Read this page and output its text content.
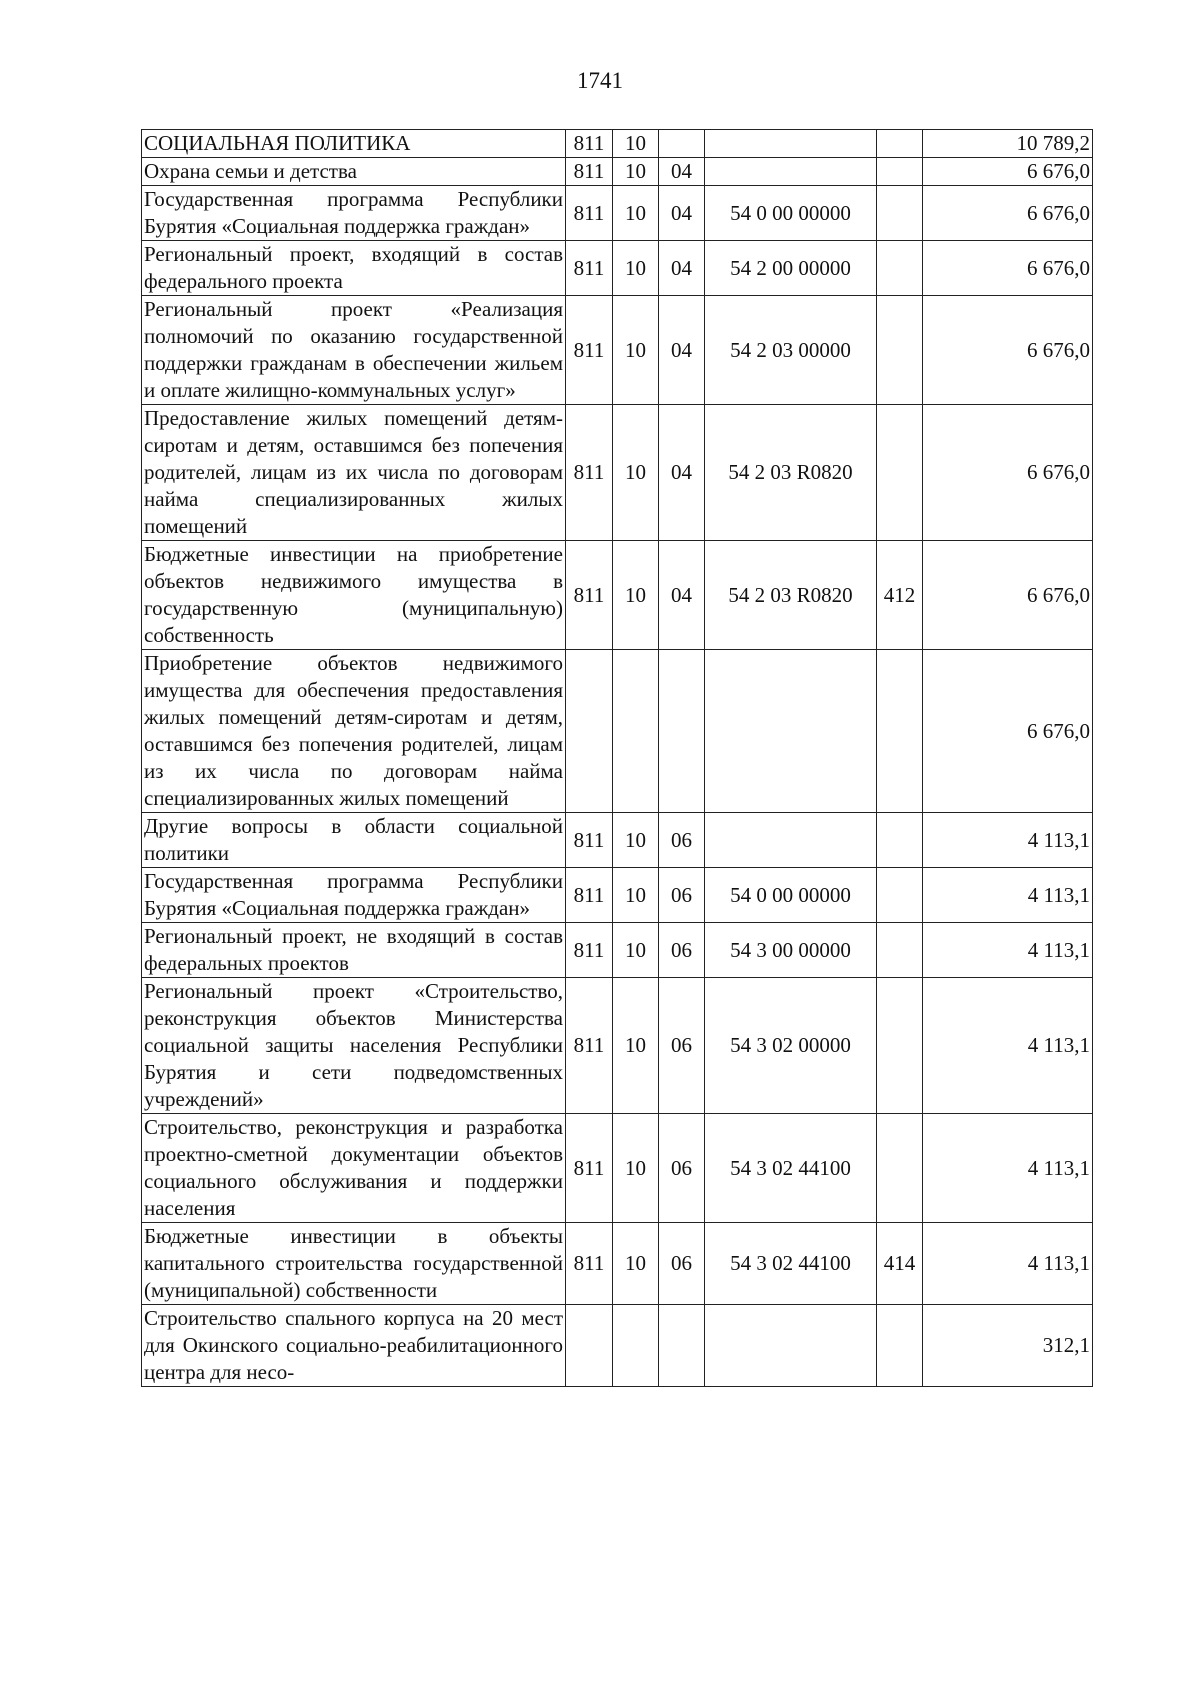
1741
СОЦИАЛЬНАЯ ПОЛИТИКА	811	10				10 789,2
Охрана семьи и детства	811	10	04			6 676,0
Государственная программа Республики Бурятия «Социальная поддержка граждан»	811	10	04	54 0 00 00000		6 676,0
Региональный проект, входящий в состав федерального проекта	811	10	04	54 2 00 00000		6 676,0
Региональный проект «Реализация полномочий по оказанию государственной поддержки гражданам в обеспечении жильем и оплате жилищно-коммунальных услуг»	811	10	04	54 2 03 00000		6 676,0
Предоставление жилых помещений детям-сиротам и детям, оставшимся без попечения родителей, лицам из их числа по договорам найма специализированных жилых помещений	811	10	04	54 2 03 R0820		6 676,0
Бюджетные инвестиции на приобретение объектов недвижимого имущества в государственную (муниципальную) собственность	811	10	04	54 2 03 R0820	412	6 676,0
Приобретение объектов недвижимого имущества для обеспечения предоставления жилых помещений детям-сиротам и детям, оставшимся без попечения родителей, лицам из их числа по договорам найма специализированных жилых помещений						6 676,0
Другие вопросы в области социальной политики	811	10	06			4 113,1
Государственная программа Республики Бурятия «Социальная поддержка граждан»	811	10	06	54 0 00 00000		4 113,1
Региональный проект, не входящий в состав федеральных проектов	811	10	06	54 3 00 00000		4 113,1
Региональный проект «Строительство, реконструкция объектов Министерства социальной защиты населения Республики Бурятия и сети подведомственных учреждений»	811	10	06	54 3 02 00000		4 113,1
Строительство, реконструкция и разработка проектно-сметной документации объектов социального обслуживания и поддержки населения	811	10	06	54 3 02 44100		4 113,1
Бюджетные инвестиции в объекты капитального строительства государственной (муниципальной) собственности	811	10	06	54 3 02 44100	414	4 113,1
Строительство спального корпуса на 20 мест для Окинского социально-реабилитационного центра для несо-						312,1
